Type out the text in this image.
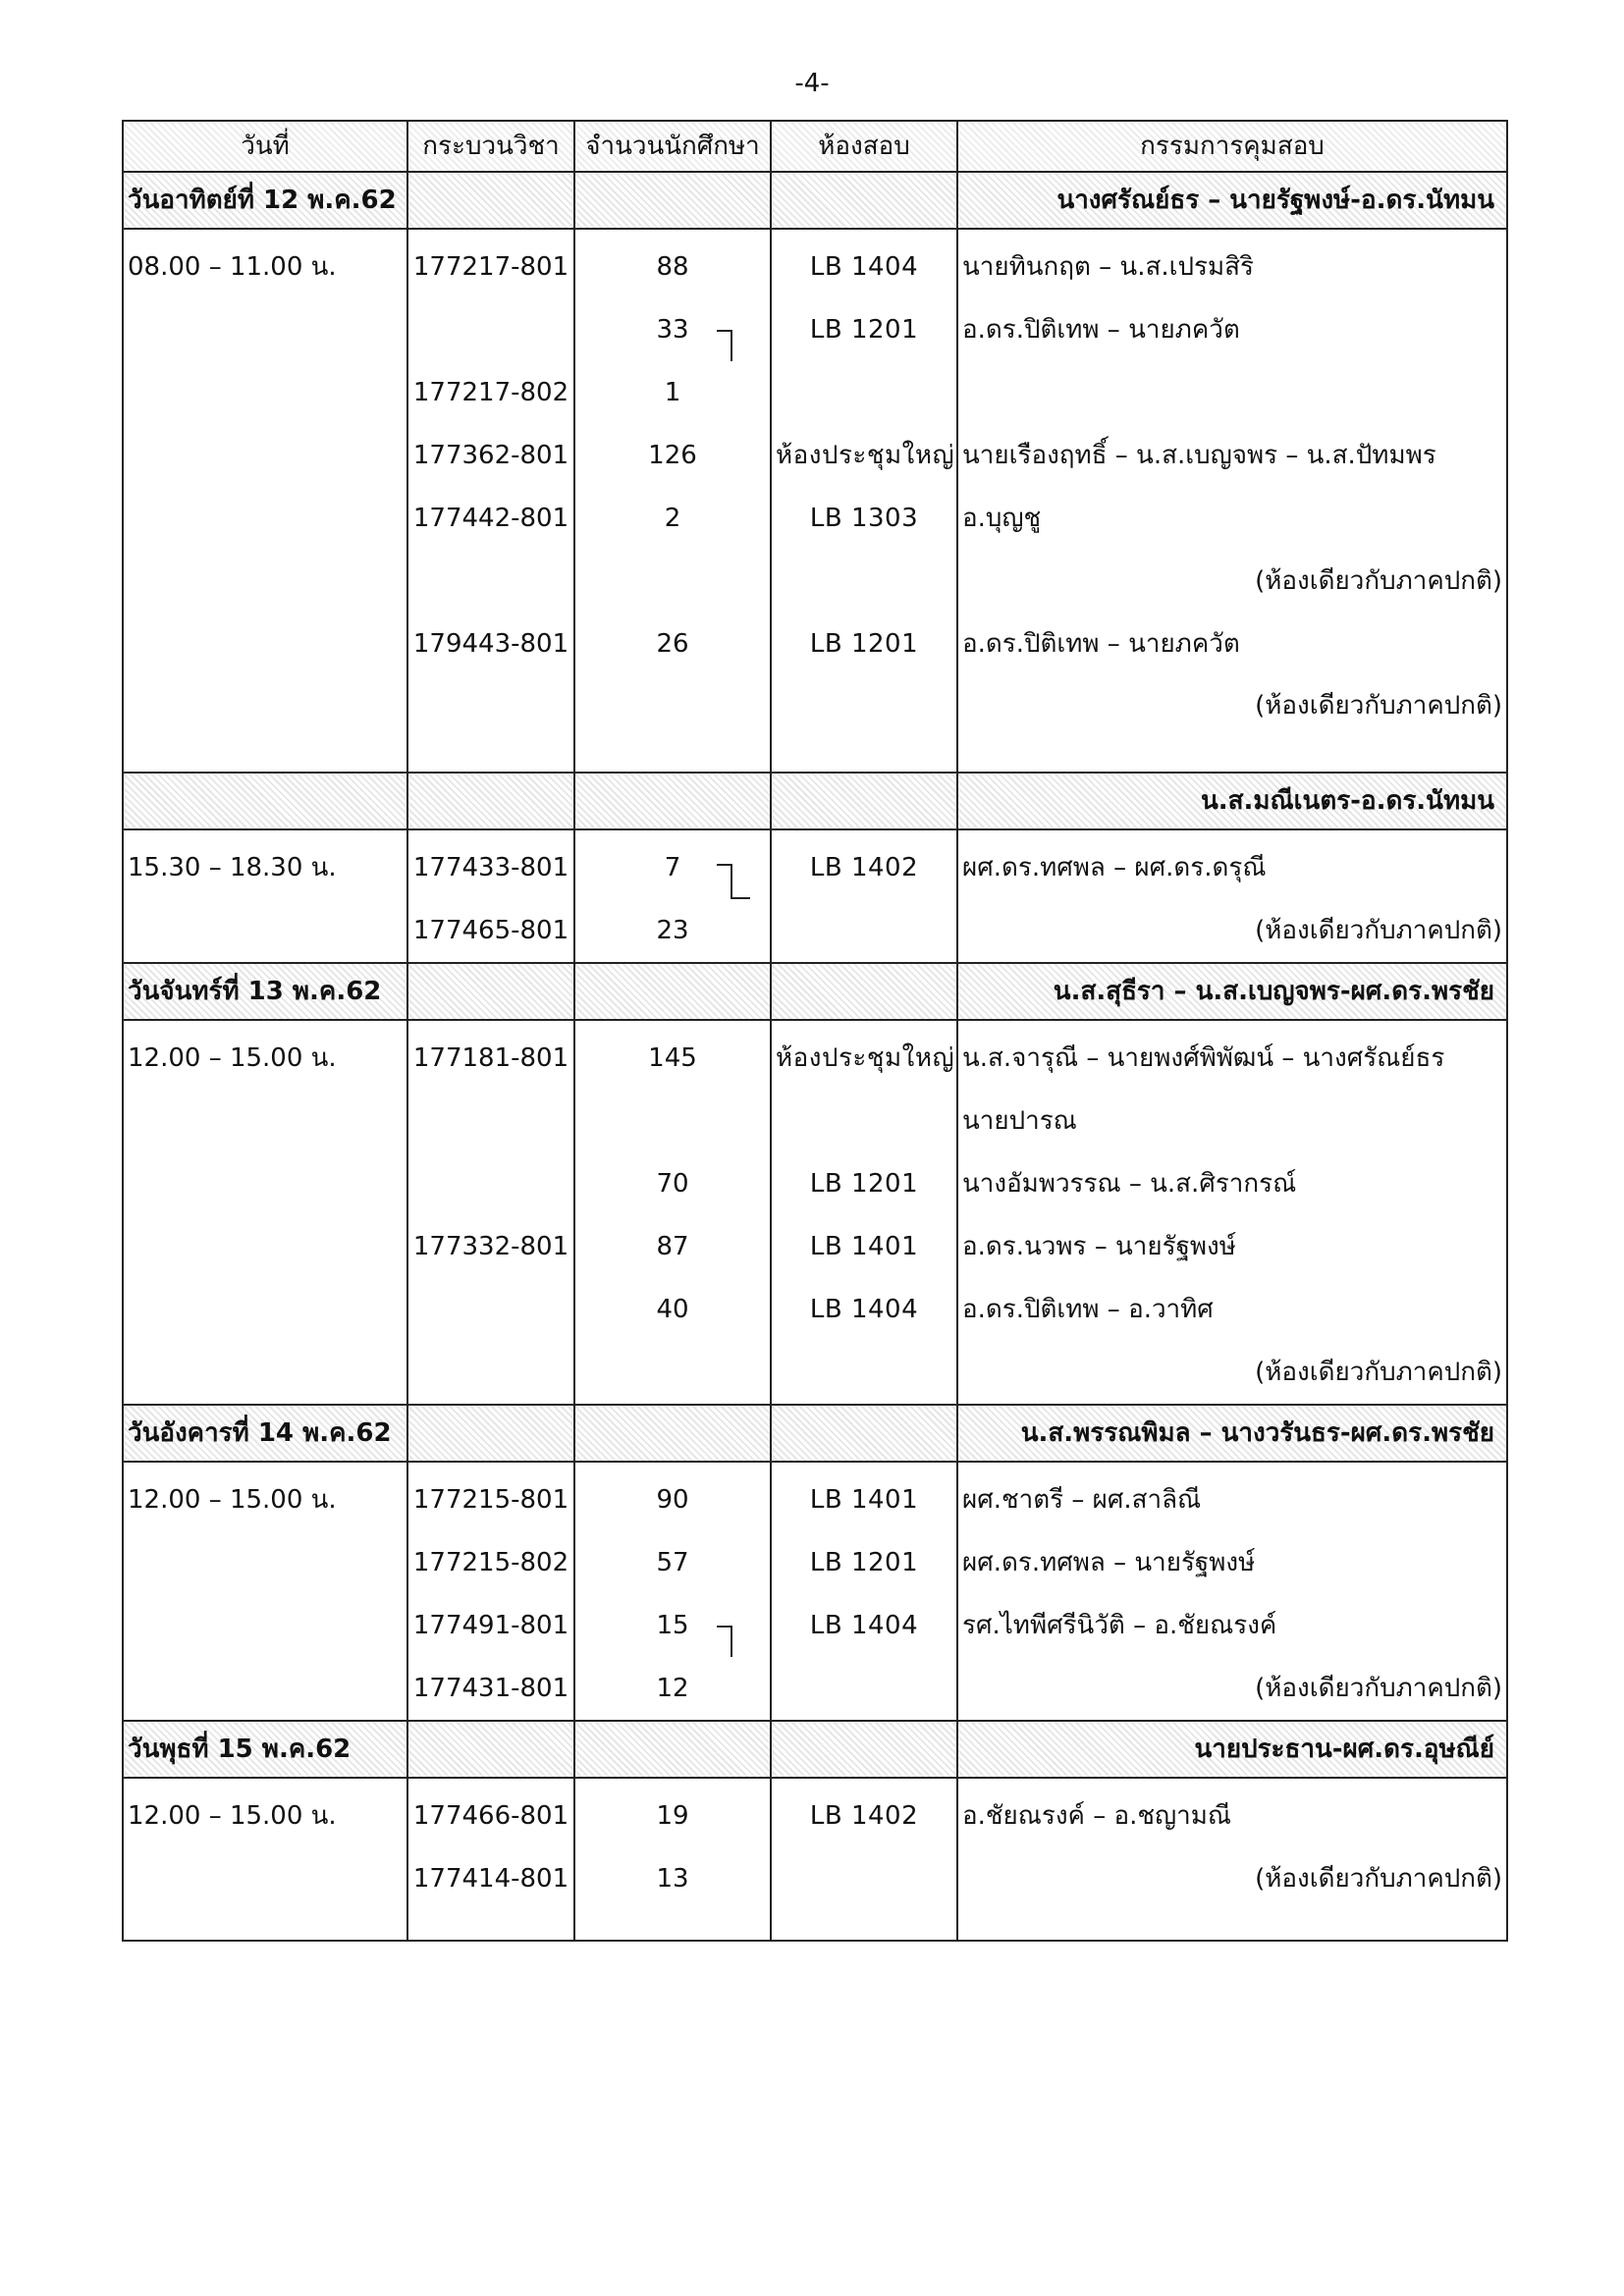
-4-
วันที่	กระบวนวิชา	จำนวนนักศึกษา	ห้องสอบ	กรรมการคุมสอบ
วันอาทิตย์ที่ 12 พ.ค.62				นางศรัณย์ธร – นายรัฐพงษ์-อ.ดร.นัทมน
08.00 – 11.00 น.	177217-801	88	LB 1404	นายทินกฤต – น.ส.เปรมสิริ
		33	LB 1201	อ.ดร.ปิติเทพ – นายภควัต
	177217-802	1		
	177362-801	126	ห้องประชุมใหญ่	นายเรืองฤทธิ์ – น.ส.เบญจพร – น.ส.ปัทมพร
	177442-801	2	LB 1303	อ.บุญชู
				(ห้องเดียวกับภาคปกติ)
	179443-801	26	LB 1201	อ.ดร.ปิติเทพ – นายภควัต
				(ห้องเดียวกับภาคปกติ)
				น.ส.มณีเนตร-อ.ดร.นัทมน
15.30 – 18.30 น.	177433-801	7	LB 1402	ผศ.ดร.ทศพล – ผศ.ดร.ดรุณี
	177465-801	23		(ห้องเดียวกับภาคปกติ)
วันจันทร์ที่ 13 พ.ค.62				น.ส.สุธีรา – น.ส.เบญจพร-ผศ.ดร.พรชัย
12.00 – 15.00 น.	177181-801	145	ห้องประชุมใหญ่	น.ส.จารุณี – นายพงศ์พิพัฒน์ – นางศรัณย์ธร
				นายปารณ
		70	LB 1201	นางอัมพวรรณ – น.ส.ศิรากรณ์
	177332-801	87	LB 1401	อ.ดร.นวพร – นายรัฐพงษ์
		40	LB 1404	อ.ดร.ปิติเทพ – อ.วาทิศ
				(ห้องเดียวกับภาคปกติ)
วันอังคารที่ 14 พ.ค.62				น.ส.พรรณพิมล – นางวรันธร-ผศ.ดร.พรชัย
12.00 – 15.00 น.	177215-801	90	LB 1401	ผศ.ชาตรี – ผศ.สาลิณี
	177215-802	57	LB 1201	ผศ.ดร.ทศพล – นายรัฐพงษ์
	177491-801	15	LB 1404	รศ.ไทพีศรีนิวัติ – อ.ชัยณรงค์
	177431-801	12		(ห้องเดียวกับภาคปกติ)
วันพุธที่ 15 พ.ค.62				นายประธาน-ผศ.ดร.อุษณีย์
12.00 – 15.00 น.	177466-801	19	LB 1402	อ.ชัยณรงค์ – อ.ชญามณี
	177414-801	13		(ห้องเดียวกับภาคปกติ)
